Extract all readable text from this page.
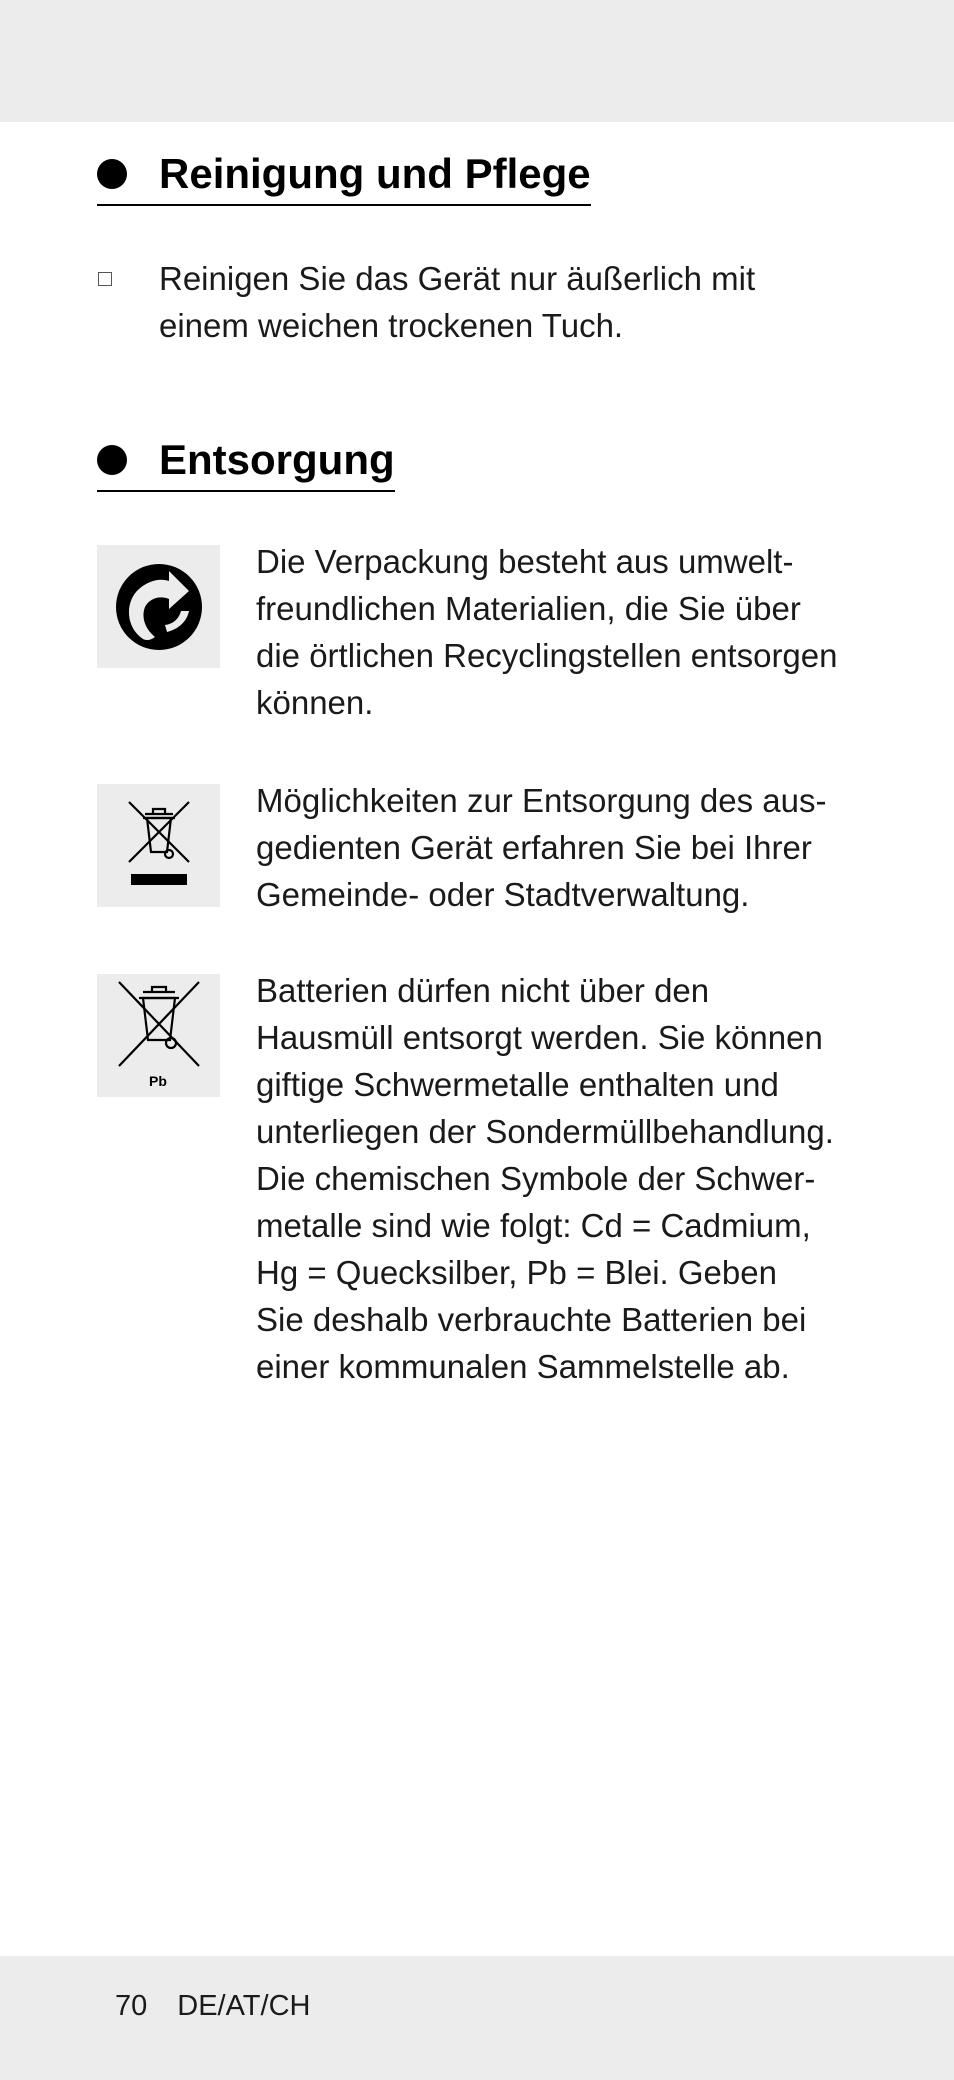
Reinigung und Pflege
Reinigen Sie das Gerät nur äußerlich mit
einem weichen trockenen Tuch.
Entsorgung
Die Verpackung besteht aus umwelt-
freundlichen Materialien, die Sie über
die örtlichen Recyclingstellen entsorgen
können.
Möglichkeiten zur Entsorgung des aus-
gedienten Gerät erfahren Sie bei Ihrer
Gemeinde- oder Stadtverwaltung.
Pb
Batterien dürfen nicht über den
Hausmüll entsorgt werden. Sie können
giftige Schwermetalle enthalten und
unterliegen der Sondermüllbehandlung.
Die chemischen Symbole der Schwer-
metalle sind wie folgt: Cd = Cadmium,
Hg = Quecksilber, Pb = Blei. Geben
Sie deshalb verbrauchte Batterien bei
einer kommunalen Sammelstelle ab.
70 DE/AT/CH
